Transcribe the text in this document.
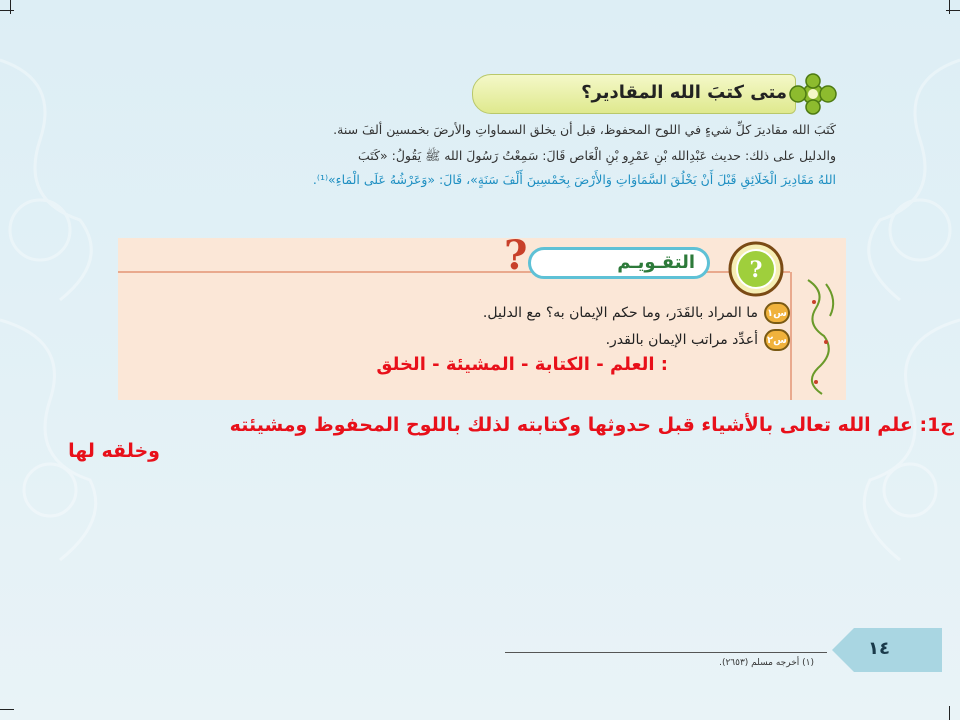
متى كتبَ الله المقادير؟
كَتَبَ الله مقاديرَ كلِّ شيءٍ في اللوح المحفوظ، قبل أن يخلق السماواتِ والأرضَ بخمسين ألفَ سنة.
والدليل على ذلك: حديث عَبْدِالله بْنِ عَمْرِو بْنِ الْعَاص قَالَ: سَمِعْتُ رَسُولَ الله ﷺ يَقُولُ: «كَتَبَ
اللهُ مَقَادِيرَ الْخَلَائِقِ قَبْلَ أَنْ يَخْلُقَ السَّمَاوَاتِ وَالأَرْضَ بِخَمْسِينَ أَلْفَ سَنَةٍ»، قَالَ: «وَعَرْشُهُ عَلَى الْمَاءِ»⁽¹⁾.
?	التقـويـم ?
س١
ما المراد بالقَدَر، وما حكم الإيمان به؟ مع الدليل.
س٢
أعدِّد مراتب الإيمان بالقدر.
: العلم - الكتابة - المشيئة - الخلق
ج1: علم الله تعالى بالأشياء قبل حدوثها وكتابته لذلك باللوح المحفوظ ومشيئته
وخلقه لها
(١) أخرجه مسلم (٢٦٥٣).
١٤
